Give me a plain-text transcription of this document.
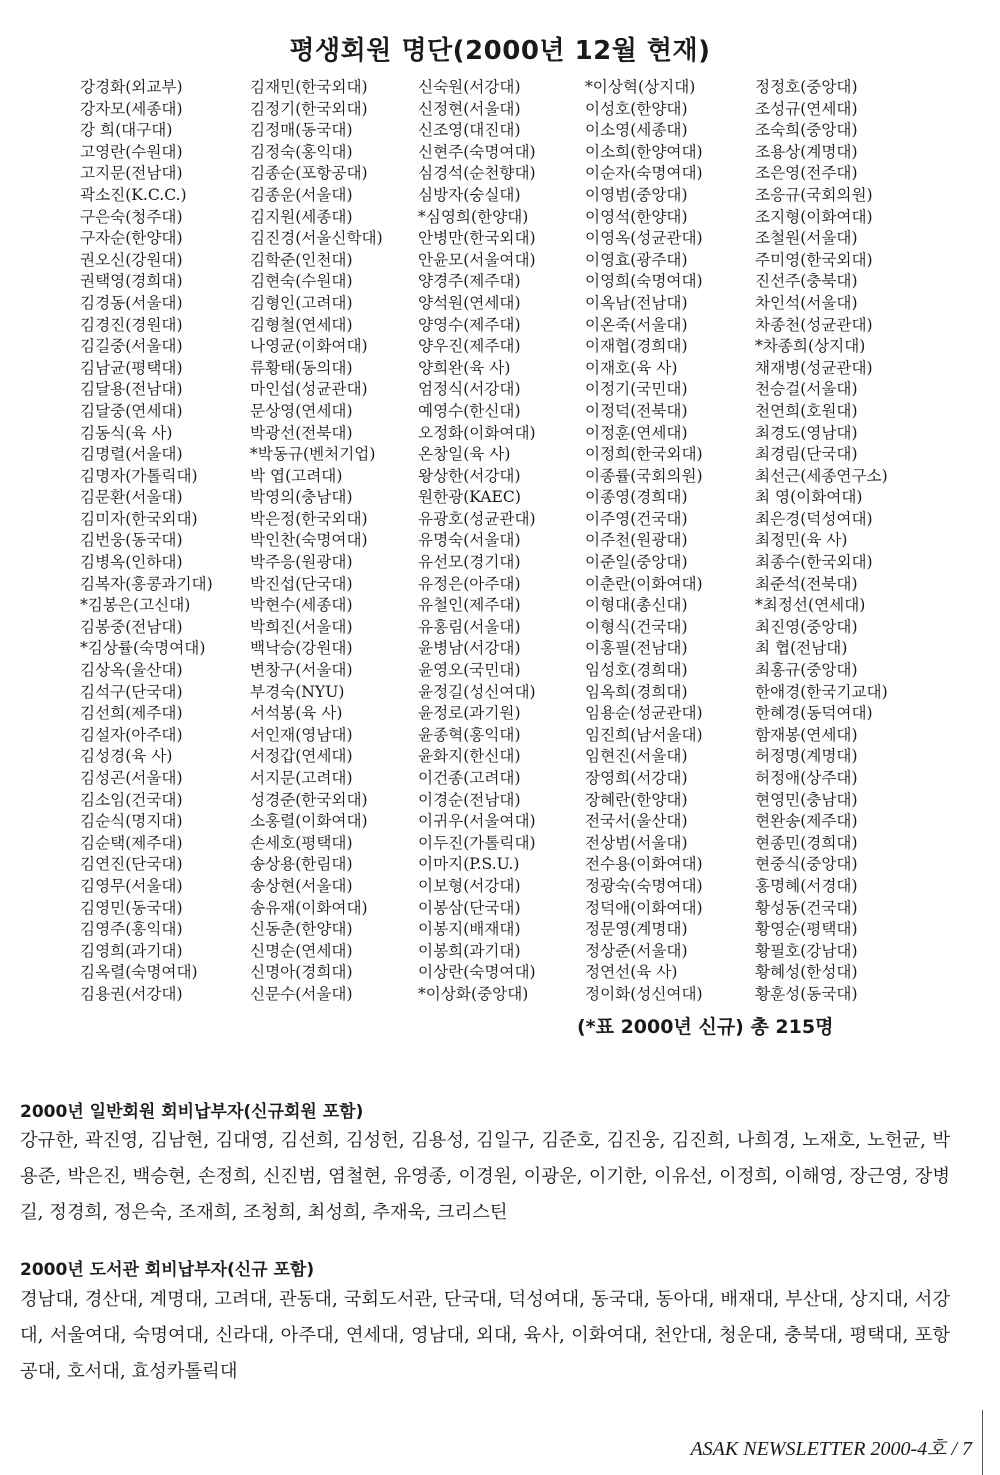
평생회원 명단(2000년 12월 현재)
강경화(외교부)
강자모(세종대)
강 희(대구대)
고영란(수원대)
고지문(전남대)
곽소진(K.C.C.)
구은숙(청주대)
구자순(한양대)
권오신(강원대)
권택영(경희대)
김경동(서울대)
김경진(경원대)
김길중(서울대)
김남균(평택대)
김달용(전남대)
김달중(연세대)
김동식(육 사)
김명렬(서울대)
김명자(가톨릭대)
김문환(서울대)
김미자(한국외대)
김번웅(동국대)
김병옥(인하대)
김복자(홍콩과기대)
*김봉은(고신대)
김봉중(전남대)
*김상률(숙명여대)
김상옥(울산대)
김석구(단국대)
김선희(제주대)
김설자(아주대)
김성경(육 사)
김성곤(서울대)
김소임(건국대)
김순식(명지대)
김순택(제주대)
김연진(단국대)
김영무(서울대)
김영민(동국대)
김영주(홍익대)
김영희(과기대)
김옥렬(숙명여대)
김용권(서강대)
김재민(한국외대)
김정기(한국외대)
김정매(동국대)
김정숙(홍익대)
김종순(포항공대)
김종운(서울대)
김지원(세종대)
김진경(서울신학대)
김학준(인천대)
김현숙(수원대)
김형인(고려대)
김형철(연세대)
나영균(이화여대)
류황태(동의대)
마인섭(성균관대)
문상영(연세대)
박광선(전북대)
*박동규(벤처기업)
박 엽(고려대)
박영의(충남대)
박은정(한국외대)
박인찬(숙명여대)
박주응(원광대)
박진섭(단국대)
박현수(세종대)
박희진(서울대)
백낙승(강원대)
변창구(서울대)
부경숙(NYU)
서석봉(육 사)
서인재(영남대)
서정갑(연세대)
서지문(고려대)
성경준(한국외대)
소홍렬(이화여대)
손세호(평택대)
송상용(한림대)
송상현(서울대)
송유재(이화여대)
신동춘(한양대)
신명순(연세대)
신명아(경희대)
신문수(서울대)
신숙원(서강대)
신정현(서울대)
신조영(대진대)
신현주(숙명여대)
심경석(순천향대)
심방자(숭실대)
*심영희(한양대)
안병만(한국외대)
안윤모(서울여대)
양경주(제주대)
양석원(연세대)
양영수(제주대)
양우진(제주대)
양희완(육 사)
엄정식(서강대)
예영수(한신대)
오정화(이화여대)
온창일(육 사)
왕상한(서강대)
원한광(KAEC)
유광호(성균관대)
유명숙(서울대)
유선모(경기대)
유정은(아주대)
유철인(제주대)
유홍림(서울대)
윤병남(서강대)
윤영오(국민대)
윤정길(성신여대)
윤정로(과기원)
윤종혁(홍익대)
윤화지(한신대)
이건종(고려대)
이경순(전남대)
이귀우(서울여대)
이두진(가톨릭대)
이마지(P.S.U.)
이보형(서강대)
이봉삼(단국대)
이봉지(배재대)
이봉희(과기대)
이상란(숙명여대)
*이상화(중앙대)
*이상혁(상지대)
이성호(한양대)
이소영(세종대)
이소희(한양여대)
이순자(숙명여대)
이영범(중앙대)
이영석(한양대)
이영옥(성균관대)
이영효(광주대)
이영희(숙명여대)
이옥남(전남대)
이온죽(서울대)
이재협(경희대)
이재호(육 사)
이정기(국민대)
이정덕(전북대)
이정훈(연세대)
이정희(한국외대)
이종률(국회의원)
이종영(경희대)
이주영(건국대)
이주천(원광대)
이준일(중앙대)
이춘란(이화여대)
이형대(총신대)
이형식(건국대)
이홍필(전남대)
임성호(경희대)
임옥희(경희대)
임용순(성균관대)
임진희(남서울대)
임현진(서울대)
장영희(서강대)
장혜란(한양대)
전국서(울산대)
전상범(서울대)
전수용(이화여대)
정광숙(숙명여대)
정덕애(이화여대)
정문영(계명대)
정상준(서울대)
정연선(육 사)
정이화(성신여대)
정정호(중앙대)
조성규(연세대)
조숙희(중앙대)
조용상(계명대)
조은영(전주대)
조응규(국회의원)
조지형(이화여대)
조철원(서울대)
주미영(한국외대)
진선주(충북대)
차인석(서울대)
차종천(성균관대)
*차종희(상지대)
채재병(성균관대)
천승걸(서울대)
천연희(호원대)
최경도(영남대)
최경림(단국대)
최선근(세종연구소)
최 영(이화여대)
최은경(덕성여대)
최정민(육 사)
최종수(한국외대)
최준석(전북대)
*최정선(연세대)
최진영(중앙대)
최 협(전남대)
최홍규(중앙대)
한애경(한국기교대)
한혜경(동덕여대)
함재봉(연세대)
허정명(계명대)
허정애(상주대)
현영민(충남대)
현완송(제주대)
현종민(경희대)
현중식(중앙대)
홍명혜(서경대)
황성동(건국대)
황영순(평택대)
황필호(강남대)
황혜성(한성대)
황훈성(동국대)
(*표 2000년 신규) 총 215명
2000년 일반회원 회비납부자(신규회원 포함)
강규한, 곽진영, 김남현, 김대영, 김선희, 김성헌, 김용성, 김일구, 김준호, 김진웅, 김진희, 나희경, 노재호, 노헌균, 박용준, 박은진, 백승현, 손정희, 신진범, 염철현, 유영종, 이경원, 이광운, 이기한, 이유선, 이정희, 이해영, 장근영, 장병길, 정경희, 정은숙, 조재희, 조청희, 최성희, 추재욱, 크리스틴
2000년 도서관 회비납부자(신규 포함)
경남대, 경산대, 계명대, 고려대, 관동대, 국회도서관, 단국대, 덕성여대, 동국대, 동아대, 배재대, 부산대, 상지대, 서강대, 서울여대, 숙명여대, 신라대, 아주대, 연세대, 영남대, 외대, 육사, 이화여대, 천안대, 청운대, 충북대, 평택대, 포항공대, 호서대, 효성카톨릭대
ASAK NEWSLETTER 2000-4호 / 7
